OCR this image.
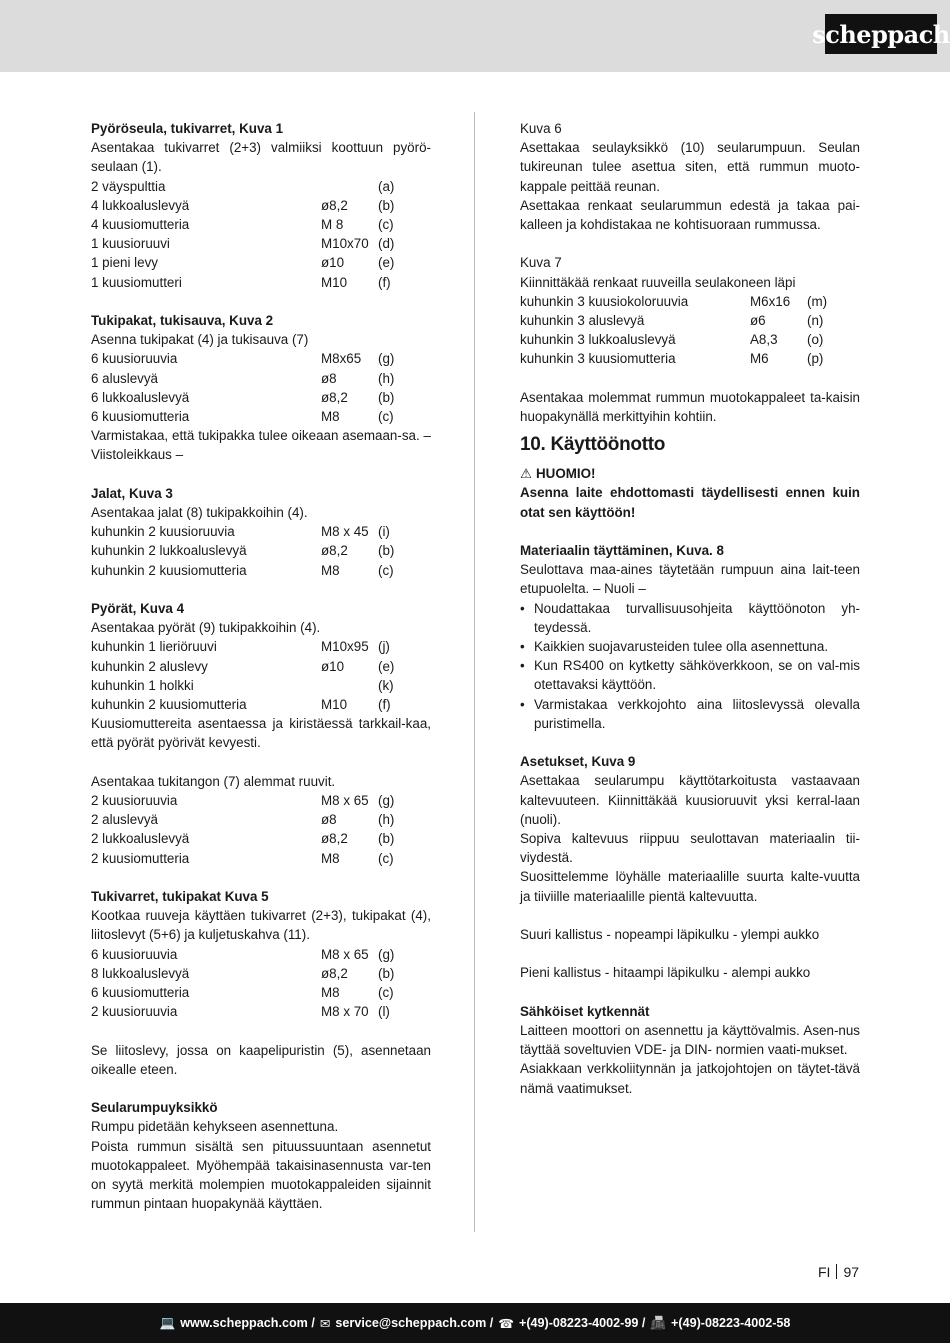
scheppach

Pyöröseula, tukivarret, Kuva 1

Asentakaa tukivarret (2+3) valmiiksi koottuun pyörö-seulaan (1).

2 väyspulttia	(a)
4 lukkoaluslevyä	ø8,2	(b)
4 kuusiomutteria	M 8	(c)
1 kuusioruuvi	M10x70 (d)
1 pieni levy	ø10	(e)
1 kuusiomutteri	M10	(f)

Tukipakat, tukisauva, Kuva 2

Asenna tukipakat (4) ja tukisauva (7)

6 kuusioruuvia	M8x65	(g)
6 aluslevyä	ø8	(h)
6 lukkoaluslevyä	ø8,2	(b)
6 kuusiomutteria	M8	(c)

Varmistakaa, että tukipakka tulee oikeaan asemaan-sa. – Viistoleikkaus –

Jalat, Kuva 3

Asentakaa jalat (8) tukipakkoihin (4).

kuhunkin 2 kuusioruuvia	M8 x 45 (i)
kuhunkin 2 lukkoaluslevyä	ø8,2	(b)
kuhunkin 2 kuusiomutteria	M8	(c)

Pyörät, Kuva 4

Asentakaa pyörät (9) tukipakkoihin (4).

kuhunkin 1 lieriöruuvi	M10x95 (j)
kuhunkin 2 aluslevy	ø10	(e)
kuhunkin 1 holkki	(k)
kuhunkin 2 kuusiomutteria	M10	(f)

Kuusiomuttereita asentaessa ja kiristäessä tarkkail-kaa, että pyörät pyörivät kevyesti.

Asentakaa tukitangon (7) alemmat ruuvit.

2 kuusioruuvia	M8 x 65 (g)
2 aluslevyä	ø8	(h)
2 lukkoaluslevyä	ø8,2	(b)
2 kuusiomutteria	M8	(c)

Tukivarret, tukipakat Kuva 5

Kootkaa ruuveja käyttäen tukivarret (2+3), tukipakat (4), liitoslevyt (5+6) ja kuljetuskahva (11).

6 kuusioruuvia	M8 x 65 (g)
8 lukkoaluslevyä	ø8,2	(b)
6 kuusiomutteria	M8	(c)
2 kuusioruuvia	M8 x 70 (l)

Se liitoslevy, jossa on kaapelipuristin (5), asennetaan oikealle eteen.

Seularumpuyksikkö

Rumpu pidetään kehykseen asennettuna.

Poista rummun sisältä sen pituussuuntaan asennetut muotokappaleet. Myöhempää takaisinasennusta var-ten on syytä merkitä molempien muotokappaleiden sijainnit rummun pintaan huopakynää käyttäen.

Kuva 6

Asettakaa seulayksikkö (10) seularumpuun. Seulan tukireunan tulee asettua siten, että rummun muoto-kappale peittää reunan.

Asettakaa renkaat seularummun edestä ja takaa pai-kalleen ja kohdistakaa ne kohtisuoraan rummussa.

Kuva 7

Kiinnittäkää renkaat ruuveilla seulakoneen läpi

kuhunkin 3 kuusiokoloruuvia	M6x16	(m)
kuhunkin 3 aluslevyä	ø6	(n)
kuhunkin 3 lukkoaluslevyä	A8,3	(o)
kuhunkin 3 kuusiomutteria	M6	(p)

Asentakaa molemmat rummun muotokappaleet ta-kaisin huopakynällä merkittyihin kohtiin.

10. Käyttöönotto

⚠ HUOMIO!

Asenna laite ehdottomasti täydellisesti ennen kuin otat sen käyttöön!

Materiaalin täyttäminen, Kuva. 8

Seulottava maa-aines täytetään rumpuun aina lait-teen etupuolelta. – Nuoli –

• Noudattakaa turvallisuusohjeita käyttöönoton yh-teydessä.
• Kaikkien suojavarusteiden tulee olla asennettuna.
• Kun RS400 on kytketty sähköverkkoon, se on val-mis otettavaksi käyttöön.
• Varmistakaa verkkojohto aina liitoslevyssä olevalla puristimella.

Asetukset, Kuva 9

Asettakaa seularumpu käyttötarkoitusta vastaavaan kaltevuuteen. Kiinnittäkää kuusioruuvit yksi kerral-laan (nuoli).

Sopiva kaltevuus riippuu seulottavan materiaalin tii-viydestä.

Suosittelemme löyhälle materiaalille suurta kalte-vuutta ja tiiviille materiaalille pientä kaltevuutta.

Suuri kallistus - nopeampi läpikulku - ylempi aukko

Pieni kallistus - hitaampi läpikulku - alempi aukko

Sähköiset kytkennät

Laitteen moottori on asennettu ja käyttövalmis. Asen-nus täyttää soveltuvien VDE- ja DIN- normien vaati-mukset.

Asiakkaan verkkoliitynnän ja jatkojohtojen on täytet-tävä nämä vaatimukset.

FI 97
💻 www.scheppach.com / ✉ service@scheppach.com / ☎ +(49)-08223-4002-99 / 📠 +(49)-08223-4002-58
